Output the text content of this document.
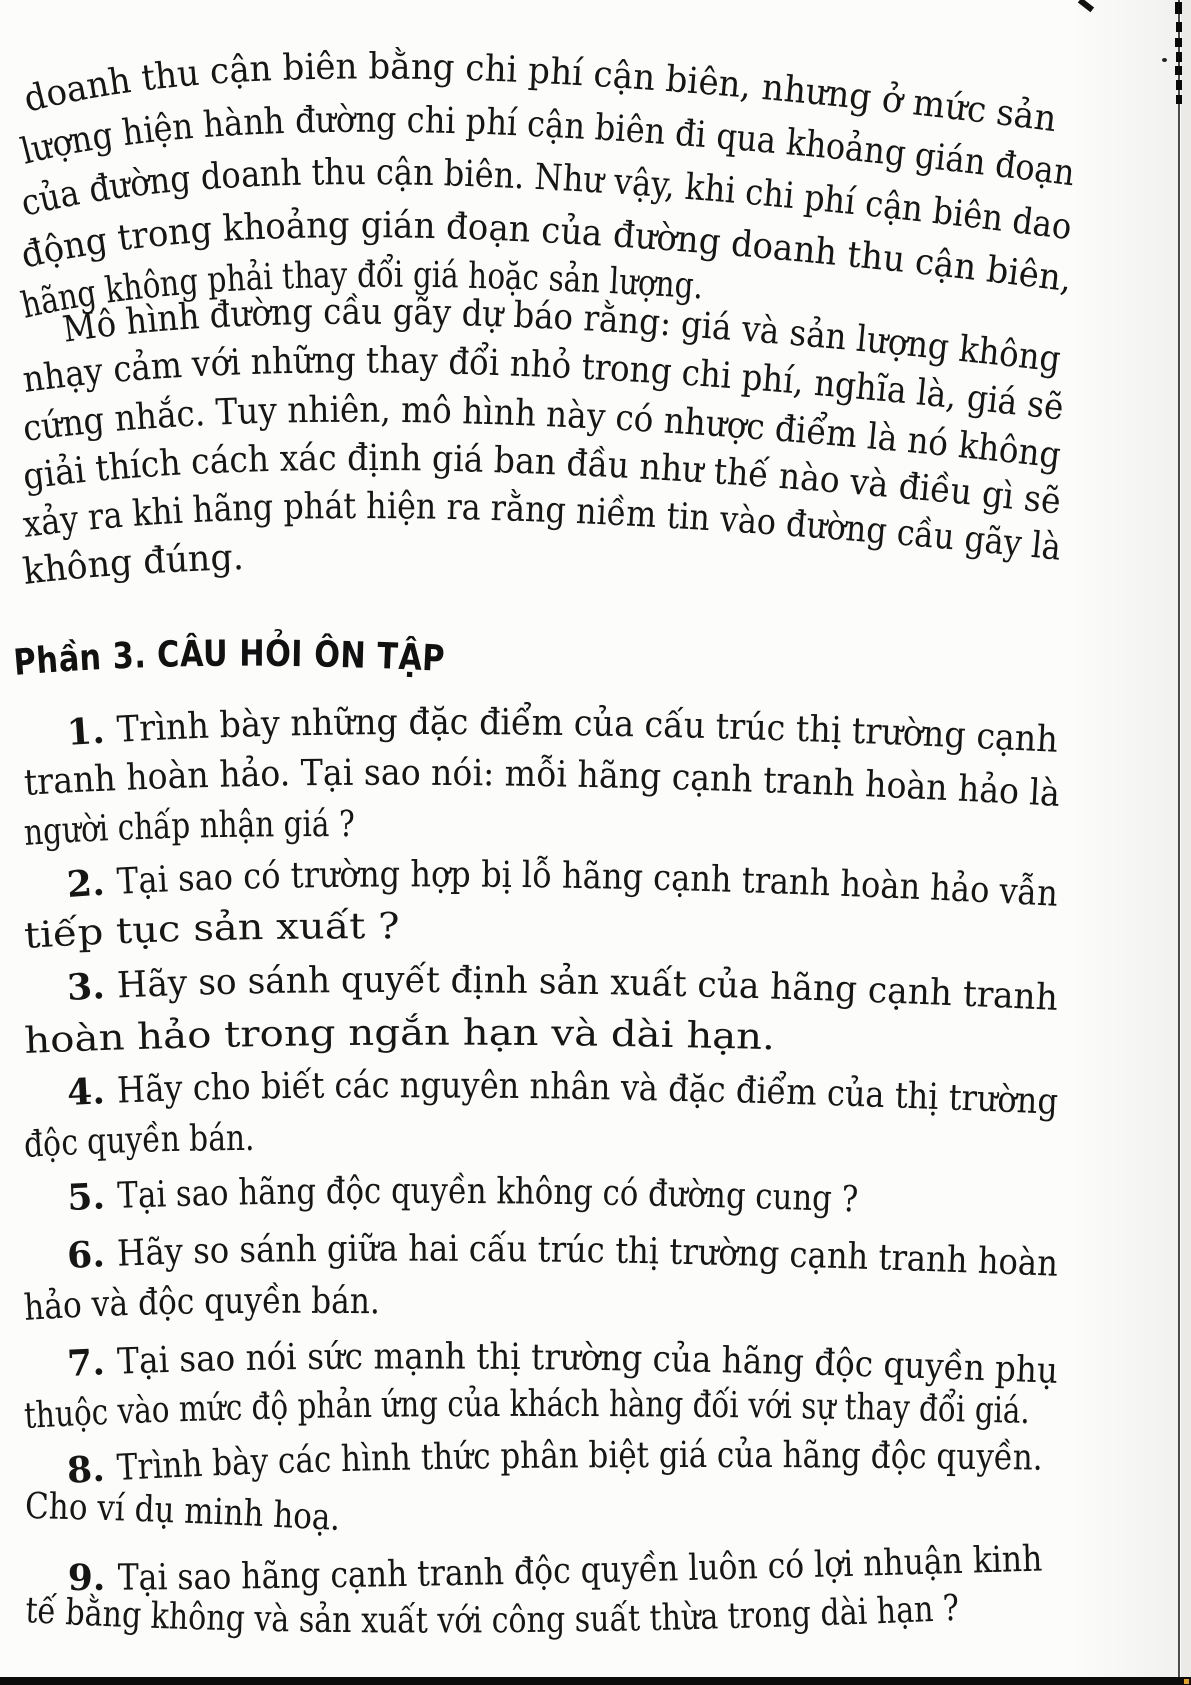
doanh thu cận biên bằng chi phí cận biên, nhưng ở mức sản
lượng hiện hành đường chi phí cận biên đi qua khoảng gián đoạn
của đường doanh thu cận biên. Như vậy, khi chi phí cận biên dao
động trong khoảng gián đoạn của đường doanh thu cận biên,
hãng không phải thay đổi giá hoặc sản lượng.
Mô hình đường cầu gãy dự báo rằng: giá và sản lượng không
nhạy cảm với những thay đổi nhỏ trong chi phí, nghĩa là, giá sẽ
cứng nhắc. Tuy nhiên, mô hình này có nhược điểm là nó không
giải thích cách xác định giá ban đầu như thế nào và điều gì sẽ
xảy ra khi hãng phát hiện ra rằng niềm tin vào đường cầu gãy là
không đúng.
Phần 3. CÂU HỎI ÔN TẬP
1. Trình bày những đặc điểm của cấu trúc thị trường cạnh
tranh hoàn hảo. Tại sao nói: mỗi hãng cạnh tranh hoàn hảo là
người chấp nhận giá ?
2. Tại sao có trường hợp bị lỗ hãng cạnh tranh hoàn hảo vẫn
tiếp tục sản xuất ?
3. Hãy so sánh quyết định sản xuất của hãng cạnh tranh
hoàn hảo trong ngắn hạn và dài hạn.
4. Hãy cho biết các nguyên nhân và đặc điểm của thị trường
độc quyền bán.
5. Tại sao hãng độc quyền không có đường cung ?
6. Hãy so sánh giữa hai cấu trúc thị trường cạnh tranh hoàn
hảo và độc quyền bán.
7. Tại sao nói sức mạnh thị trường của hãng độc quyền phụ
thuộc vào mức độ phản ứng của khách hàng đối với sự thay đổi giá.
8. Trình bày các hình thức phân biệt giá của hãng độc quyền.
Cho ví dụ minh hoạ.
9. Tại sao hãng cạnh tranh độc quyền luôn có lợi nhuận kinh
tế bằng không và sản xuất với công suất thừa trong dài hạn ?
